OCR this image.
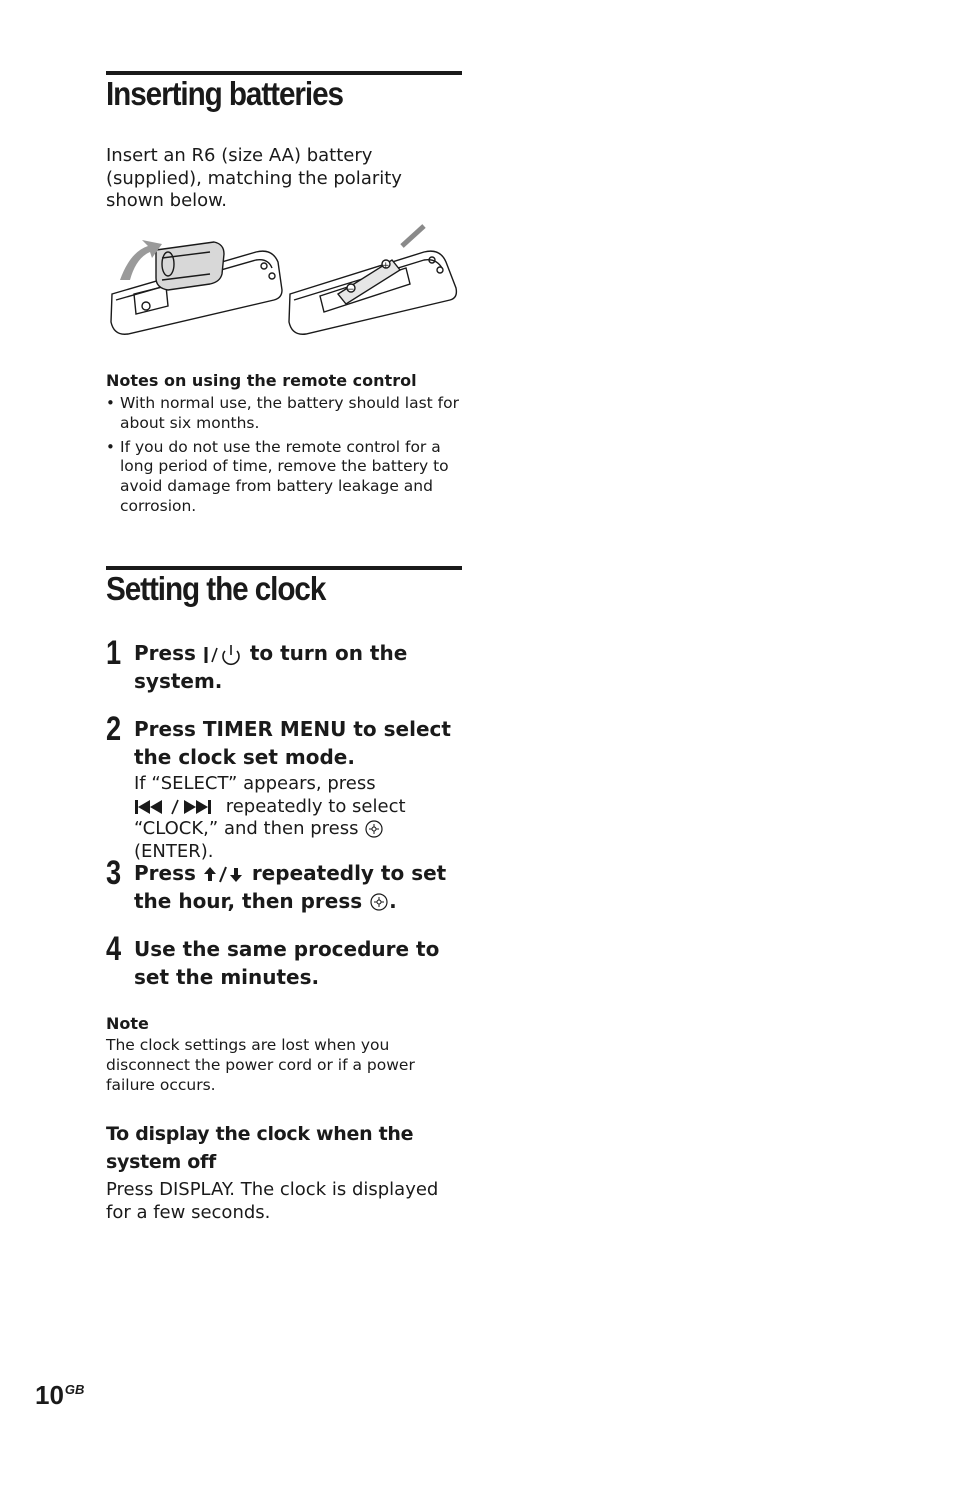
Inserting batteries

Insert an R6 (size AA) battery (supplied), matching the polarity shown below.

+
−

Notes on using the remote control

• With normal use, the battery should last for about six months.
• If you do not use the remote control for a long period of time, remove the battery to avoid damage from battery leakage and corrosion.
Setting the clock
1 Press  to turn on the system.

2 Press TIMER MENU to select the clock set mode.

If “SELECT” appears, press  repeatedly to select “CLOCK,” and then press  (ENTER).

3 Press  repeatedly to set the hour, then press .

4 Use the same procedure to set the minutes.

Note

The clock settings are lost when you disconnect the power cord or if a power failure occurs.

To display the clock when the system off

Press DISPLAY. The clock is displayed for a few seconds.

$10^{GB}$
